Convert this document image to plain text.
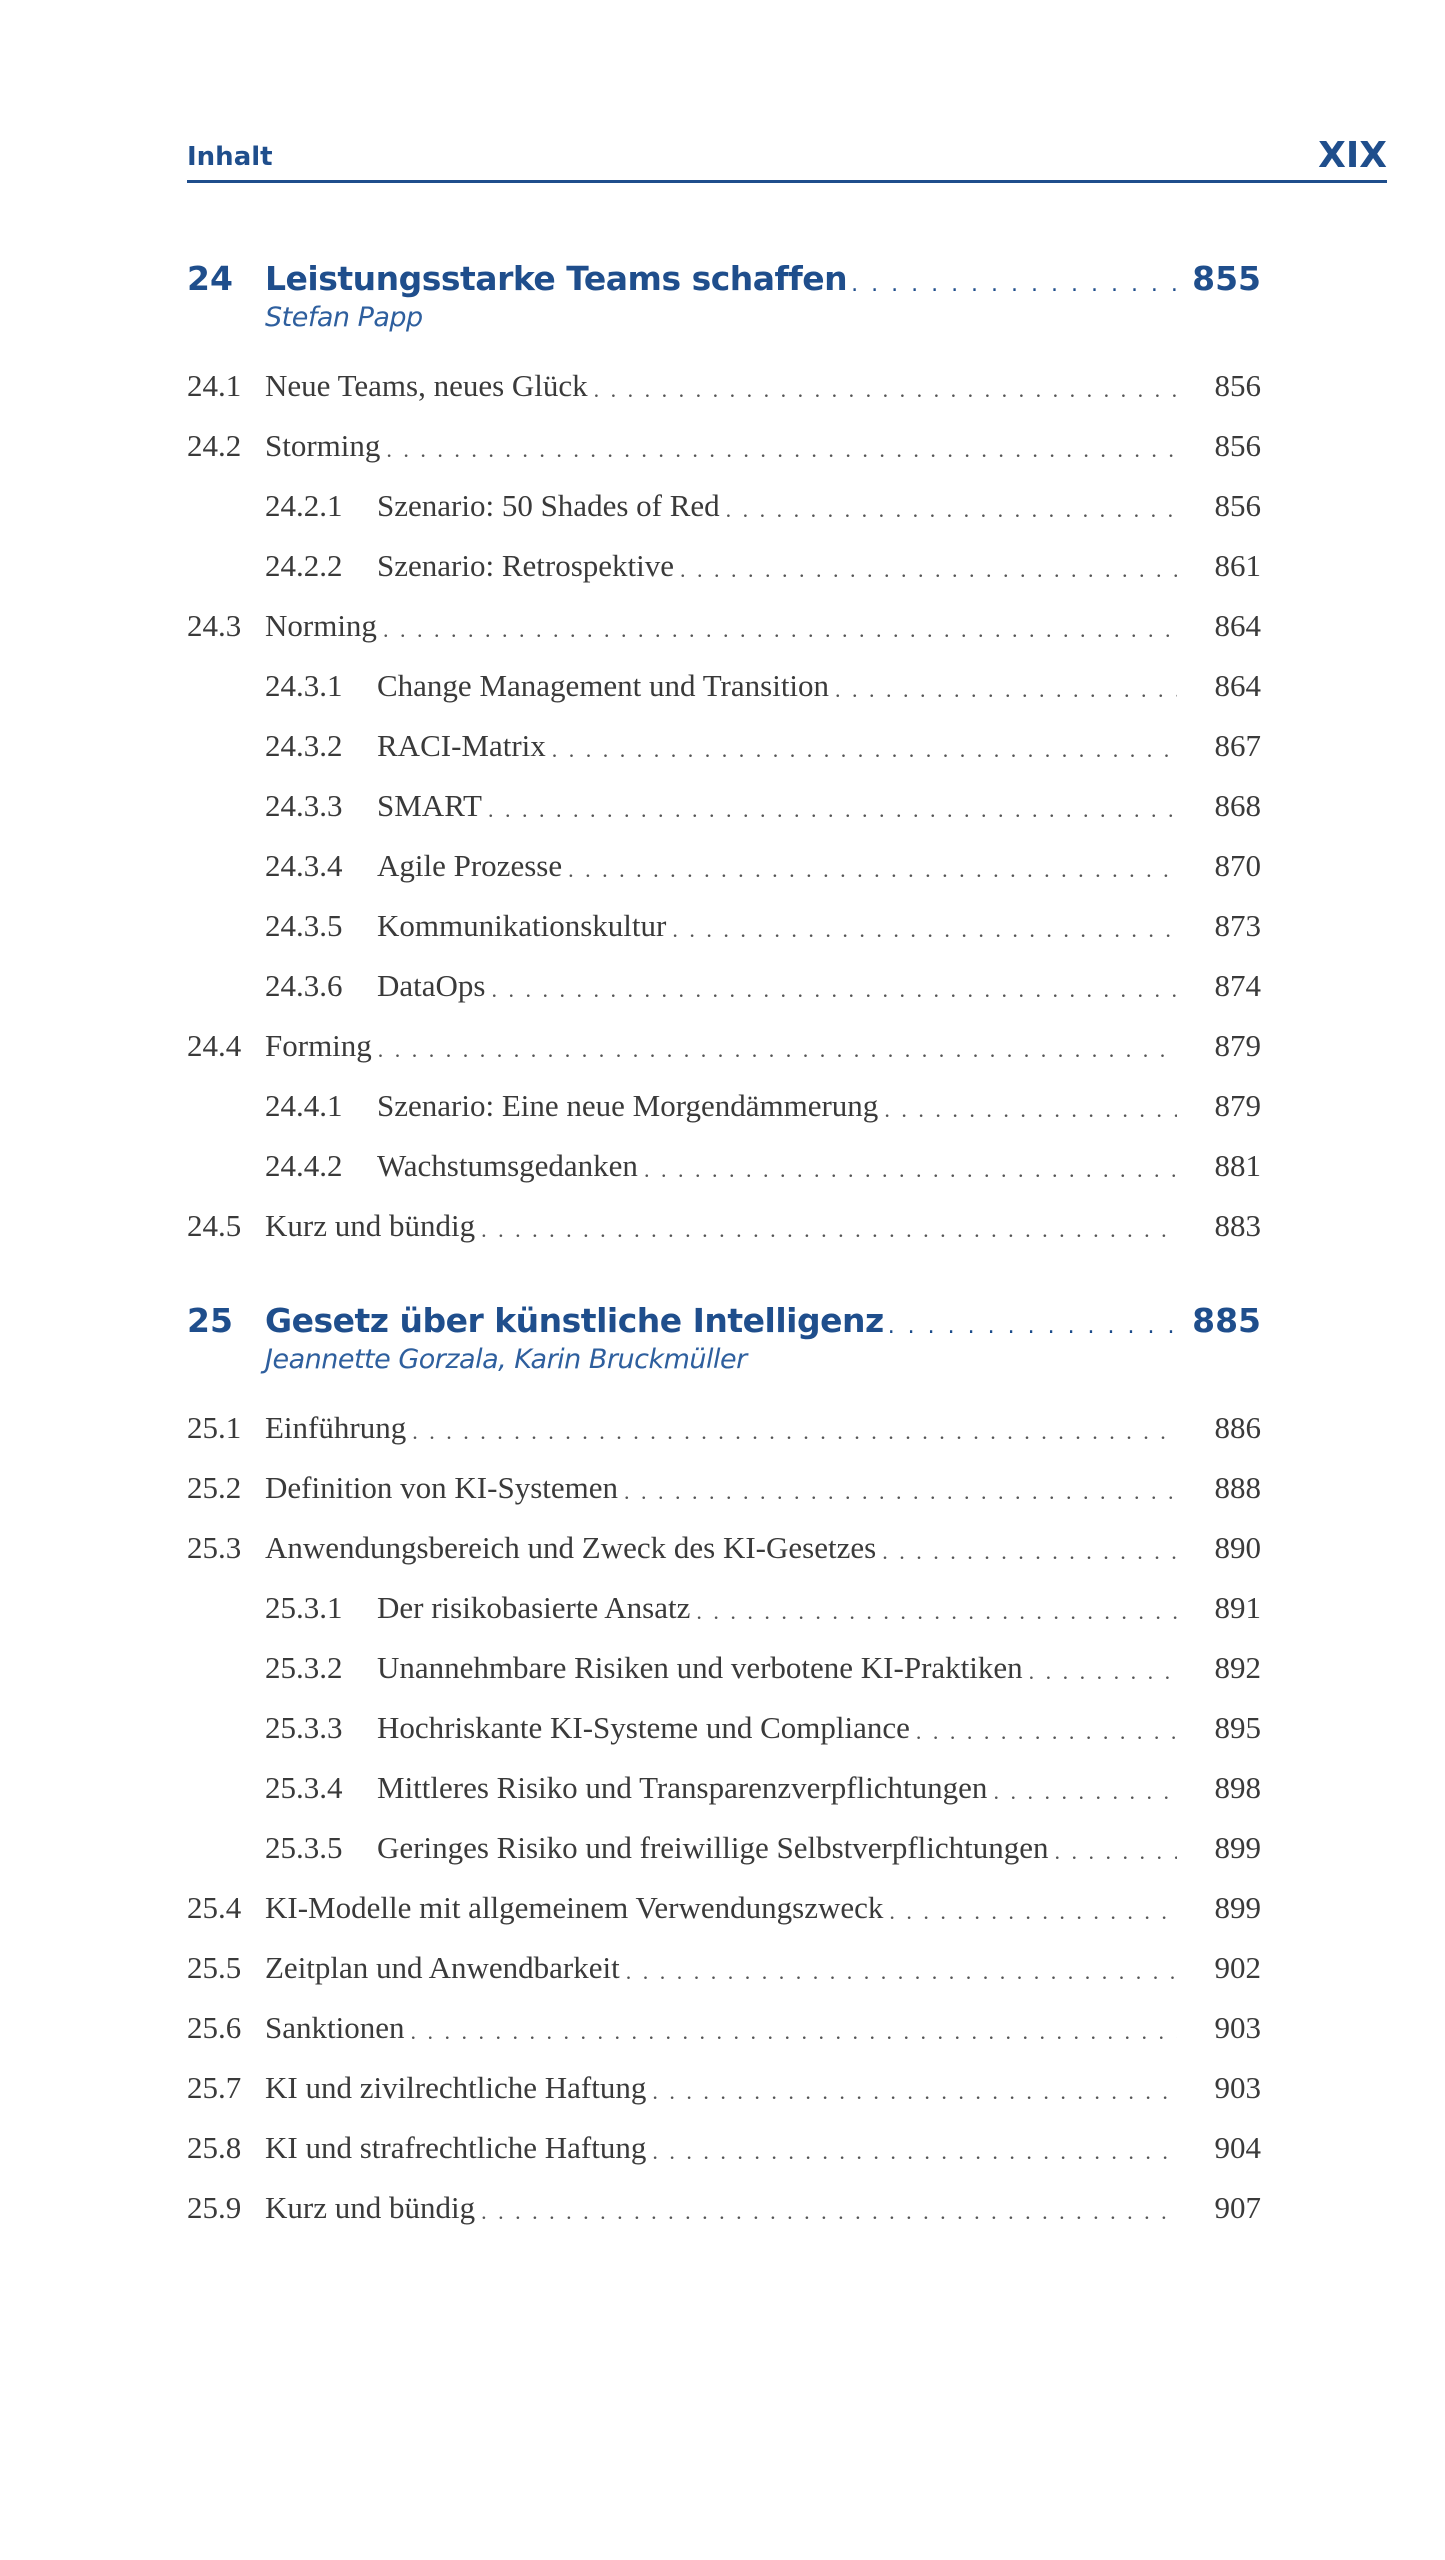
Inhalt	XIX
24 Leistungsstarke Teams schaffen . . .	855
Stefan Papp
24.1 Neue Teams, neues Glück . . .	856
24.2 Storming . . .	856
24.2.1	Szenario: 50 Shades of Red . . .	856
24.2.2	Szenario: Retrospektive . . .	861
24.3 Norming . . .	864
24.3.1	Change Management und Transition . . .	864
24.3.2	RACI-Matrix . . .	867
24.3.3	SMART . . .	868
24.3.4	Agile Prozesse . . .	870
24.3.5	Kommunikationskultur . . .	873
24.3.6	DataOps . . .	874
24.4 Forming . . .	879
24.4.1	Szenario: Eine neue Morgendämmerung . . .	879
24.4.2	Wachstumsgedanken . . .	881
24.5 Kurz und bündig . . .	883
25 Gesetz über künstliche Intelligenz . . .	885
Jeannette Gorzala, Karin Bruckmüller
25.1 Einführung . . .	886
25.2 Definition von KI-Systemen . . .	888
25.3 Anwendungsbereich und Zweck des KI-Gesetzes . . .	890
25.3.1	Der risikobasierte Ansatz . . .	891
25.3.2	Unannehmbare Risiken und verbotene KI-Praktiken . . .	892
25.3.3	Hochriskante KI-Systeme und Compliance . . .	895
25.3.4	Mittleres Risiko und Transparenzverpflichtungen . . .	898
25.3.5	Geringes Risiko und freiwillige Selbstverpflichtungen . . .	899
25.4 KI-Modelle mit allgemeinem Verwendungszweck . . .	899
25.5 Zeitplan und Anwendbarkeit . . .	902
25.6 Sanktionen . . .	903
25.7 KI und zivilrechtliche Haftung . . .	903
25.8 KI und strafrechtliche Haftung . . .	904
25.9 Kurz und bündig . . .	907
